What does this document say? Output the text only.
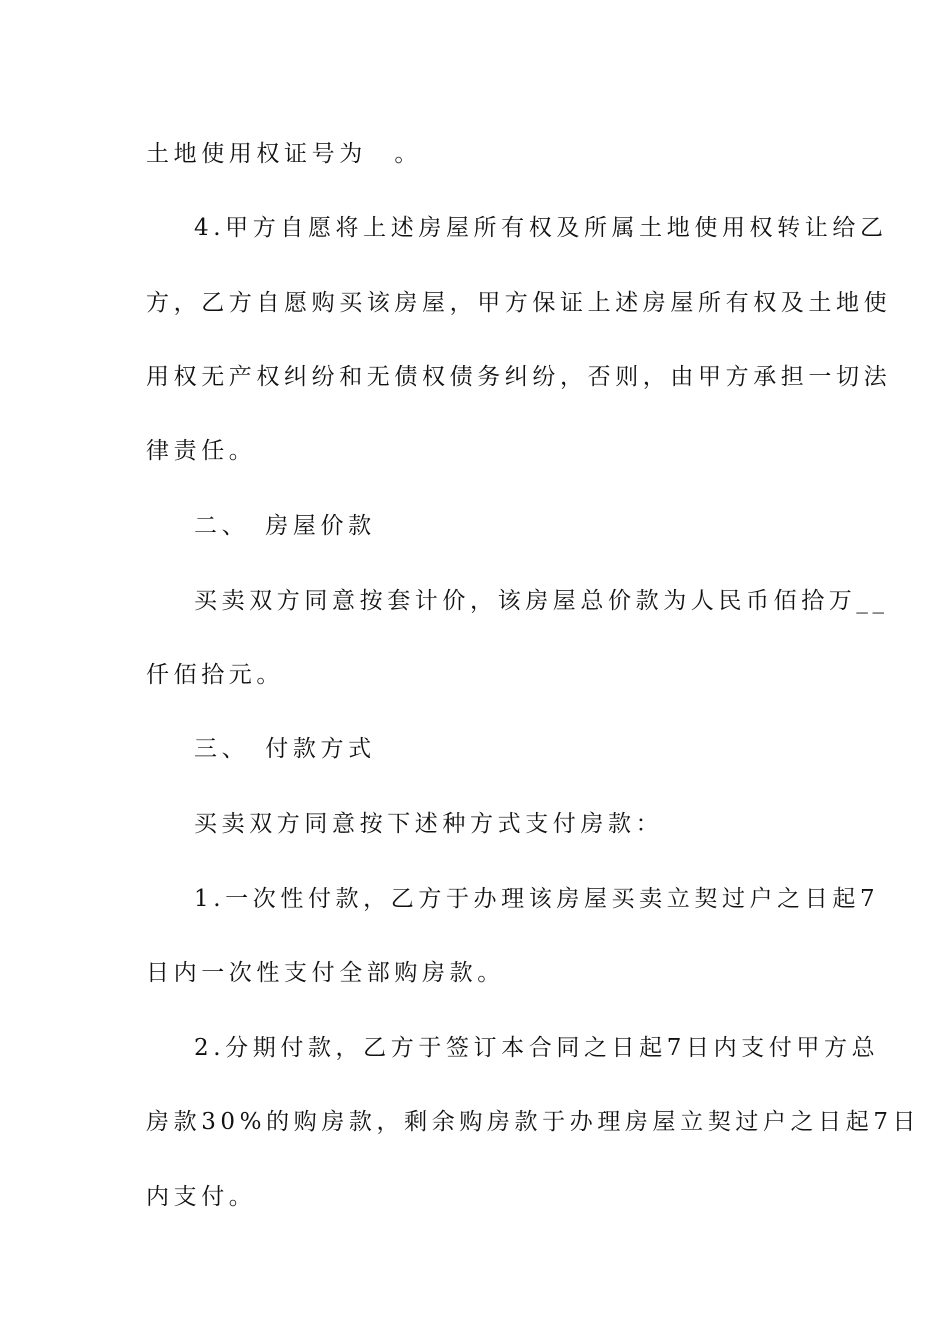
土地使用权证号为　。
4.甲方自愿将上述房屋所有权及所属土地使用权转让给乙
方，乙方自愿购买该房屋，甲方保证上述房屋所有权及土地使
用权无产权纠纷和无债权债务纠纷，否则，由甲方承担一切法
律责任。
二、　房屋价款
买卖双方同意按套计价，该房屋总价款为人民币佰拾万__
仟佰拾元。
三、　付款方式
买卖双方同意按下述种方式支付房款：
1.一次性付款，乙方于办理该房屋买卖立契过户之日起7
日内一次性支付全部购房款。
2.分期付款，乙方于签订本合同之日起7日内支付甲方总
房款30%的购房款，剩余购房款于办理房屋立契过户之日起7日
内支付。
